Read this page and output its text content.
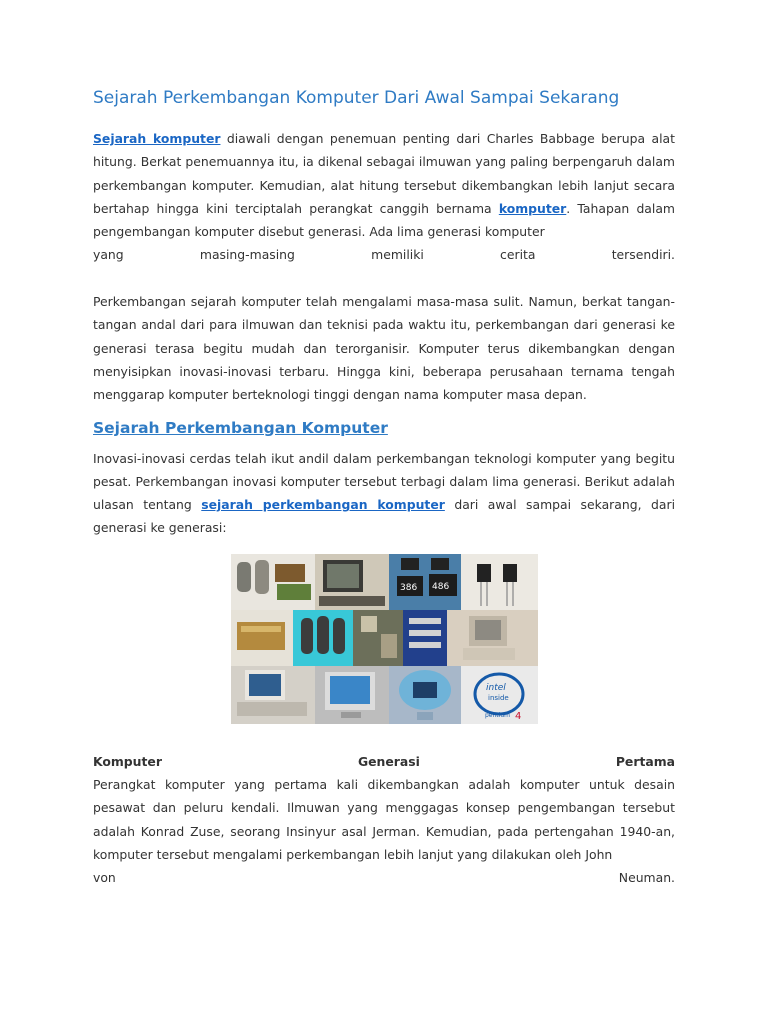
Sejarah Perkembangan Komputer Dari Awal Sampai Sekarang

Sejarah komputer diawali dengan penemuan penting dari Charles Babbage berupa alat hitung. Berkat penemuannya itu, ia dikenal sebagai ilmuwan yang paling berpengaruh dalam perkembangan komputer. Kemudian, alat hitung tersebut dikembangkan lebih lanjut secara bertahap hingga kini terciptalah perangkat canggih bernama komputer. Tahapan dalam pengembangan komputer disebut generasi. Ada lima generasi komputer
yang masing-masing memiliki cerita tersendiri.

Perkembangan sejarah komputer telah mengalami masa-masa sulit. Namun, berkat tangan-tangan andal dari para ilmuwan dan teknisi pada waktu itu, perkembangan dari generasi ke generasi terasa begitu mudah dan terorganisir. Komputer terus dikembangkan dengan menyisipkan inovasi-inovasi terbaru. Hingga kini, beberapa perusahaan ternama tengah menggarap komputer berteknologi tinggi dengan nama komputer masa depan.

Sejarah Perkembangan Komputer

Inovasi-inovasi cerdas telah ikut andil dalam perkembangan teknologi komputer yang begitu pesat. Perkembangan inovasi komputer tersebut terbagi dalam lima generasi. Berikut adalah ulasan tentang sejarah perkembangan komputer dari awal sampai sekarang, dari generasi ke generasi:

386 486
intel
inside
pentium 4

Komputer Generasi Pertama

Perangkat komputer yang pertama kali dikembangkan adalah komputer untuk desain pesawat dan peluru kendali. Ilmuwan yang menggagas konsep pengembangan tersebut adalah Konrad Zuse, seorang Insinyur asal Jerman. Kemudian, pada pertengahan 1940-an, komputer tersebut mengalami perkembangan lebih lanjut yang dilakukan oleh John
von Neuman.
